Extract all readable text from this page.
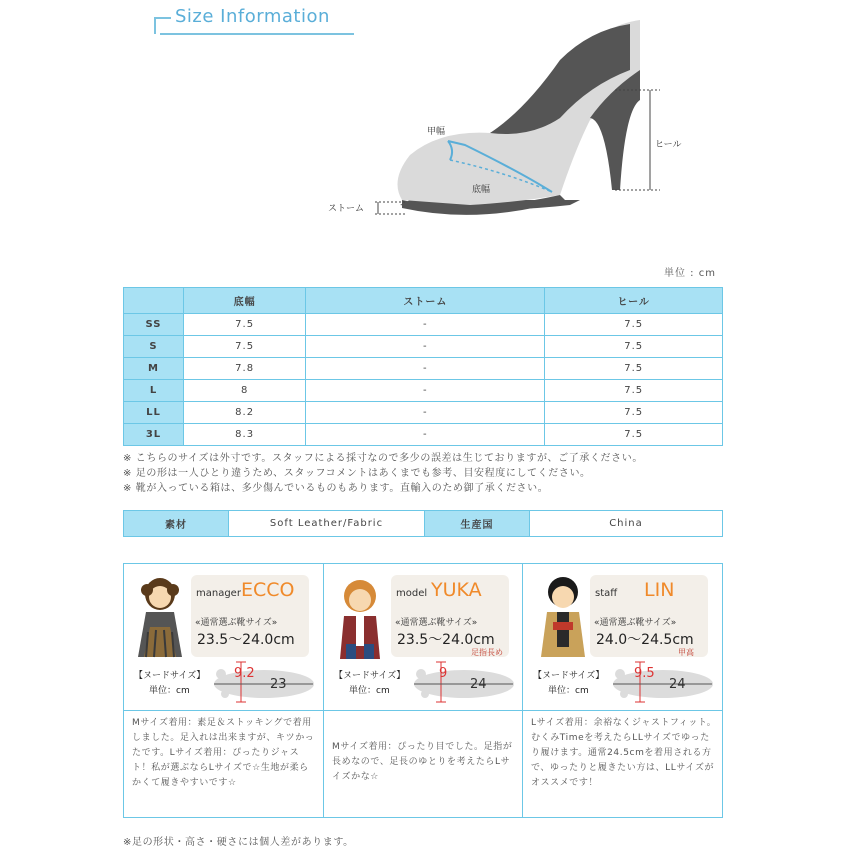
Size Information
甲幅
底幅
ヒール
ストーム
単位 : cm
	底幅	ストーム	ヒール
SS	7.5	-	7.5
S	7.5	-	7.5
M	7.8	-	7.5
L	8	-	7.5
LL	8.2	-	7.5
3L	8.3	-	7.5
※ こちらのサイズは外寸です。スタッフによる採寸なので多少の誤差は生じておりますが、ご了承ください。
※ 足の形は一人ひとり違うため、スタッフコメントはあくまでも参考、目安程度にしてください。
※ 靴が入っている箱は、多少傷んでいるものもあります。直輸入のため御了承ください。
素材	Soft Leather/Fabric	生産国	China
manager ECCO
«通常選ぶ靴サイズ»
23.5～24.0cm
【ヌードサイズ】
単位：cm
9.2
23
Mサイズ着用：素足＆ストッキングで着用しました。足入れは出来ますが、キツかったです。Lサイズ着用：ぴったりジャスト！私が選ぶならLサイズで☆生地が柔らかくて履きやすいです☆
model YUKA
«通常選ぶ靴サイズ»
23.5～24.0cm
足指長め
【ヌードサイズ】
単位：cm
9
24
Mサイズ着用：ぴったり目でした。足指が長めなので、足長のゆとりを考えたらLサイズかな☆
staff LIN
«通常選ぶ靴サイズ»
24.0～24.5cm
甲高
【ヌードサイズ】
単位：cm
9.5
24
Lサイズ着用：余裕なくジャストフィット。むくみTimeを考えたらLLサイズでゆったり履けます。通常24.5cmを着用される方で、ゆったりと履きたい方は、LLサイズがオススメです！
※足の形状・高さ・硬さには個人差があります。
